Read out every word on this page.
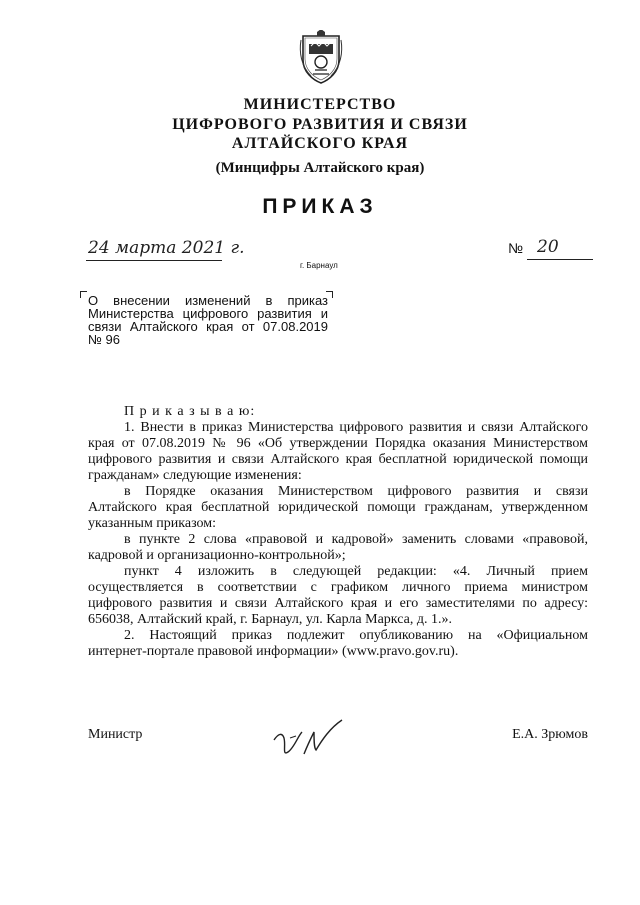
МИНИСТЕРСТВО
ЦИФРОВОГО РАЗВИТИЯ И СВЯЗИ
АЛТАЙСКОГО КРАЯ
(Минцифры Алтайского края)
ПРИКАЗ
24 марта 2021 г.
г. Барнаул
№ 20
О внесении изменений в приказ
Министерства цифрового развития и
связи Алтайского края от 07.08.2019
№ 96
П р и к а з ы в а ю:
1. Внести в приказ Министерства цифрового развития и связи Алтайского
края от 07.08.2019 № 96 «Об утверждении Порядка оказания Министерством
цифрового развития и связи Алтайского края бесплатной юридической помощи
гражданам» следующие изменения:
в Порядке оказания Министерством цифрового развития и связи
Алтайского края бесплатной юридической помощи гражданам, утвержденном
указанным приказом:
в пункте 2 слова «правовой и кадровой» заменить словами «правовой,
кадровой и организационно-контрольной»;
пункт 4 изложить в следующей редакции: «4. Личный прием
осуществляется в соответствии с графиком личного приема министром
цифрового развития и связи Алтайского края и его заместителями по адресу:
656038, Алтайский край, г. Барнаул, ул. Карла Маркса, д. 1.».
2. Настоящий приказ подлежит опубликованию на «Официальном
интернет-портале правовой информации» (www.pravo.gov.ru).
Министр	Е.А. Зрюмов
